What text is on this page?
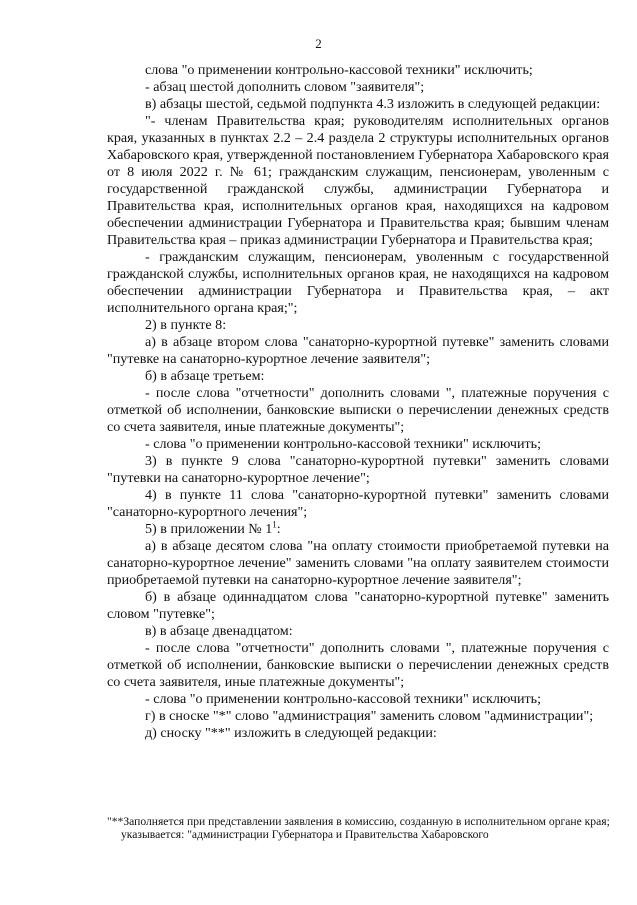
2

слова "о применении контрольно-кассовой техники" исключить;

- абзац шестой дополнить словом "заявителя";

в) абзацы шестой, седьмой подпункта 4.3 изложить в следующей редакции:

"- членам Правительства края; руководителям исполнительных органов края, указанных в пунктах 2.2 – 2.4 раздела 2 структуры исполнительных органов Хабаровского края, утвержденной постановлением Губернатора Хабаровского края от 8 июля 2022 г. № 61; гражданским служащим, пенсионерам, уволенным с государственной гражданской службы, администрации Губернатора и Правительства края, исполнительных органов края, находящихся на кадровом обеспечении администрации Губернатора и Правительства края; бывшим членам Правительства края – приказ администрации Губернатора и Правительства края;

- гражданским служащим, пенсионерам, уволенным с государственной гражданской службы, исполнительных органов края, не находящихся на кадровом обеспечении администрации Губернатора и Правительства края, – акт исполнительного органа края;";

2) в пункте 8:

а) в абзаце втором слова "санаторно-курортной путевке" заменить словами "путевке на санаторно-курортное лечение заявителя";

б) в абзаце третьем:

- после слова "отчетности" дополнить словами ", платежные поручения с отметкой об исполнении, банковские выписки о перечислении денежных средств со счета заявителя, иные платежные документы";

- слова "о применении контрольно-кассовой техники" исключить;

3) в пункте 9 слова "санаторно-курортной путевки" заменить словами "путевки на санаторно-курортное лечение";

4) в пункте 11 слова "санаторно-курортной путевки" заменить словами "санаторно-курортного лечения";

5) в приложении № $1^1$:

а) в абзаце десятом слова "на оплату стоимости приобретаемой путевки на санаторно-курортное лечение" заменить словами "на оплату заявителем стоимости приобретаемой путевки на санаторно-курортное лечение заявителя";

б) в абзаце одиннадцатом слова "санаторно-курортной путевке" заменить словом "путевке";

в) в абзаце двенадцатом:

- после слова "отчетности" дополнить словами ", платежные поручения с отметкой об исполнении, банковские выписки о перечислении денежных средств со счета заявителя, иные платежные документы";

- слова "о применении контрольно-кассовой техники" исключить;

г) в сноске "*" слово "администрация" заменить словом "администрации";

д) сноску "**" изложить в следующей редакции:

"**Заполняется при представлении заявления в комиссию, созданную в исполнительном органе края; указывается: "администрации Губернатора и Правительства Хабаровского
